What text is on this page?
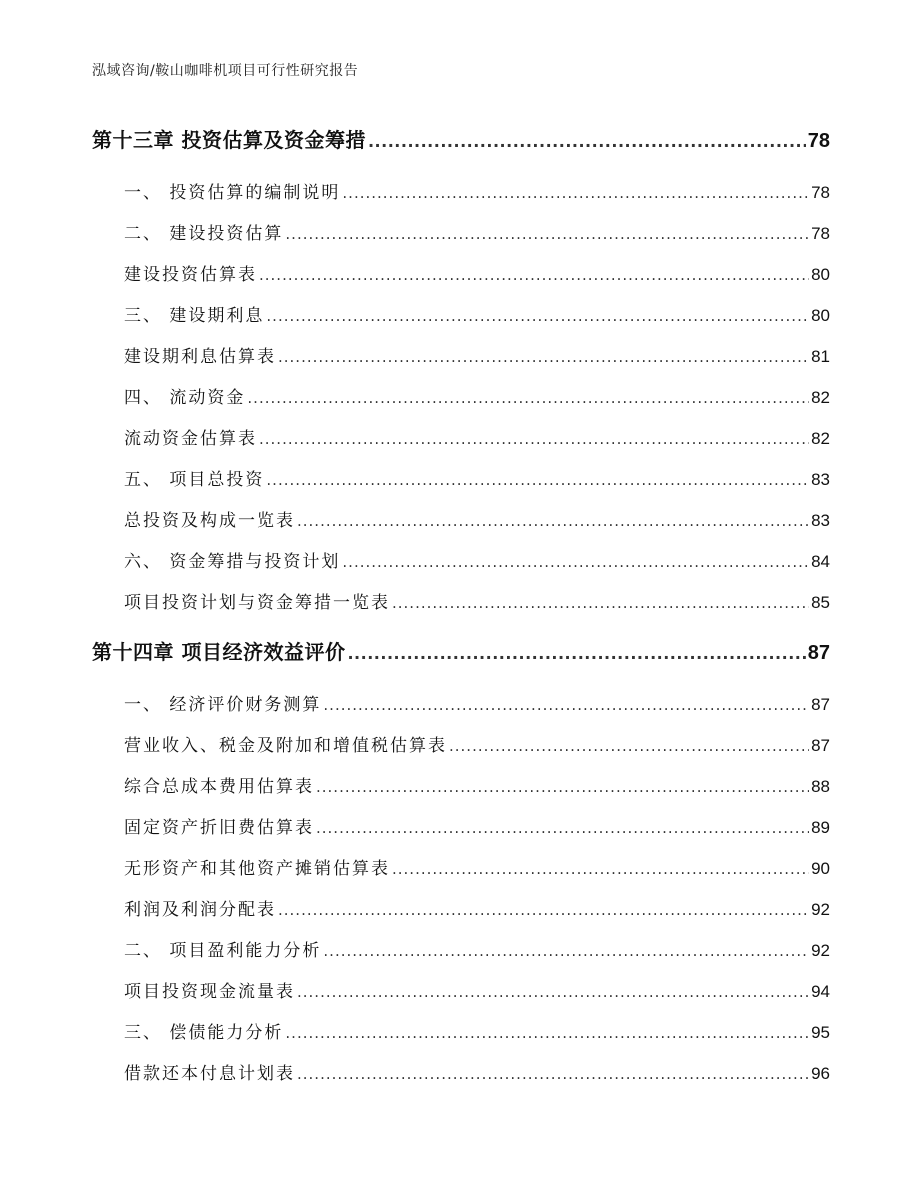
泓域咨询/鞍山咖啡机项目可行性研究报告
第十三章 投资估算及资金筹措 .....	78
一、 投资估算的编制说明 .....	78
二、 建设投资估算 .....	78
建设投资估算表 .....	80
三、 建设期利息 .....	80
建设期利息估算表 .....	81
四、 流动资金 .....	82
流动资金估算表 .....	82
五、 项目总投资 .....	83
总投资及构成一览表 .....	83
六、 资金筹措与投资计划 .....	84
项目投资计划与资金筹措一览表 .....	85
第十四章 项目经济效益评价 .....	87
一、 经济评价财务测算 .....	87
营业收入、税金及附加和增值税估算表 .....	87
综合总成本费用估算表 .....	88
固定资产折旧费估算表 .....	89
无形资产和其他资产摊销估算表 .....	90
利润及利润分配表 .....	92
二、 项目盈利能力分析 .....	92
项目投资现金流量表 .....	94
三、 偿债能力分析 .....	95
借款还本付息计划表 .....	96
